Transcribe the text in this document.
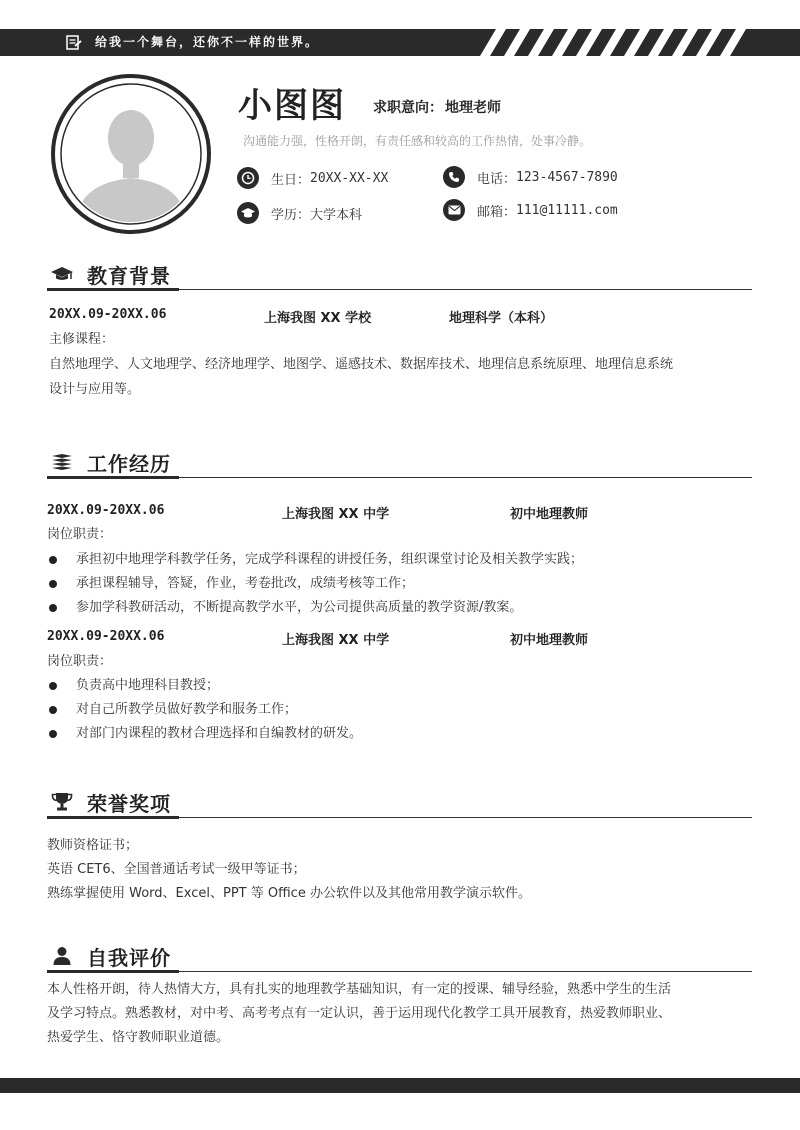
给我一个舞台，还你不一样的世界。
小图图 求职意向： 地理老师
沟通能力强，性格开朗，有责任感和较高的工作热情，处事冷静。
生日： 20XX-XX-XX
学历： 大学本科
电话： 123-4567-7890
邮箱： 111@11111.com
教育背景
20XX.09-20XX.06	上海我图 XX 学校	地理科学（本科）
主修课程：
自然地理学、人文地理学、经济地理学、地图学、遥感技术、数据库技术、地理信息系统原理、地理信息系统
设计与应用等。
工作经历
20XX.09-20XX.06	上海我图 XX 中学	初中地理教师
岗位职责：
承担初中地理学科教学任务，完成学科课程的讲授任务，组织课堂讨论及相关教学实践；
承担课程辅导，答疑，作业，考卷批改，成绩考核等工作；
参加学科教研活动，不断提高教学水平，为公司提供高质量的教学资源/教案。
20XX.09-20XX.06	上海我图 XX 中学	初中地理教师
岗位职责：
负责高中地理科目教授；
对自己所教学员做好教学和服务工作；
对部门内课程的教材合理选择和自编教材的研发。
荣誉奖项
教师资格证书；
英语 CET6、全国普通话考试一级甲等证书；
熟练掌握使用 Word、Excel、PPT 等 Office 办公软件以及其他常用教学演示软件。
自我评价
本人性格开朗，待人热情大方，具有扎实的地理教学基础知识，有一定的授课、辅导经验，熟悉中学生的生活
及学习特点。熟悉教材，对中考、高考考点有一定认识，善于运用现代化教学工具开展教育，热爱教师职业、
热爱学生、恪守教师职业道德。
